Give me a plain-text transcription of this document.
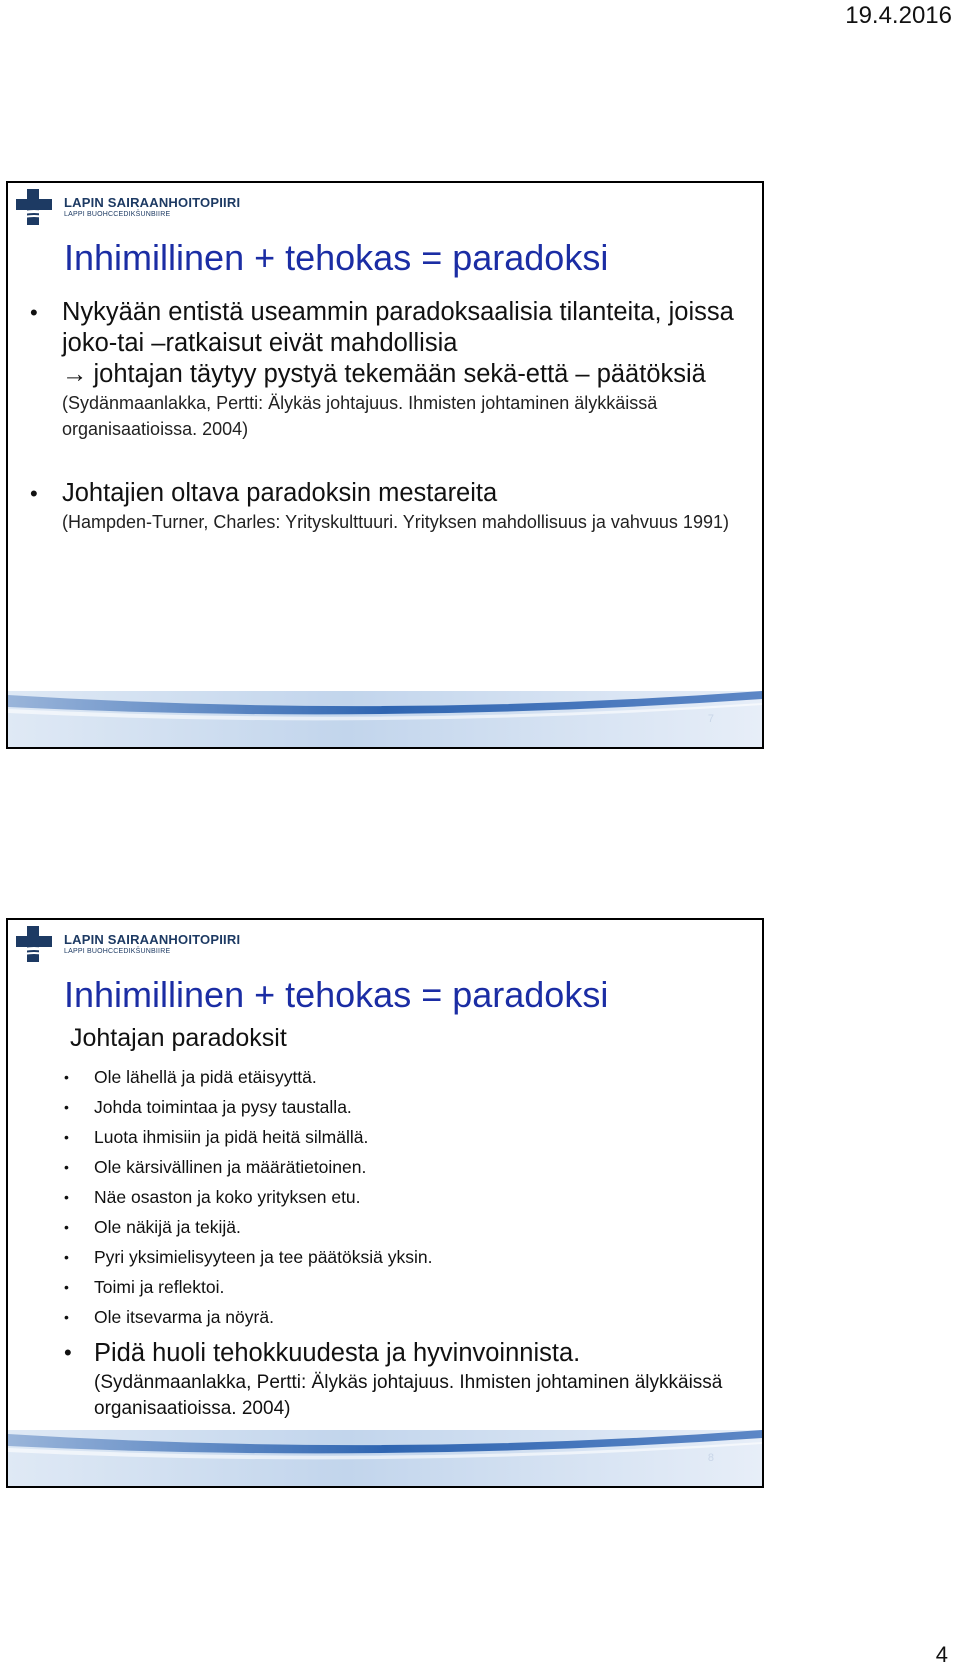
19.4.2016
LAPIN SAIRAANHOITOPIIRI
LAPPI BUOHCCEDIKŠUNBIIRE
Inhimillinen + tehokas = paradoksi
• Nykyään entistä useammin paradoksaalisia tilanteita, joissa joko-tai –ratkaisut eivät mahdollisia
→ johtajan täytyy pystyä tekemään sekä-että – päätöksiä
(Sydänmaanlakka, Pertti: Älykäs johtajuus. Ihmisten johtaminen älykkäissä organisaatioissa. 2004)
• Johtajien oltava paradoksin mestareita
(Hampden-Turner, Charles: Yrityskulttuuri. Yrityksen mahdollisuus ja vahvuus 1991)
7
LAPIN SAIRAANHOITOPIIRI
LAPPI BUOHCCEDIKŠUNBIIRE
Inhimillinen + tehokas = paradoksi
Johtajan paradoksit
• Ole lähellä ja pidä etäisyyttä.
• Johda toimintaa ja pysy taustalla.
• Luota ihmisiin ja pidä heitä silmällä.
• Ole kärsivällinen ja määrätietoinen.
• Näe osaston ja koko yrityksen etu.
• Ole näkijä ja tekijä.
• Pyri yksimielisyyteen ja tee päätöksiä yksin.
• Toimi ja reflektoi.
• Ole itsevarma ja nöyrä.
• Pidä huoli tehokkuudesta ja hyvinvoinnista.
(Sydänmaanlakka, Pertti: Älykäs johtajuus. Ihmisten johtaminen älykkäissä organisaatioissa. 2004)
8
4
